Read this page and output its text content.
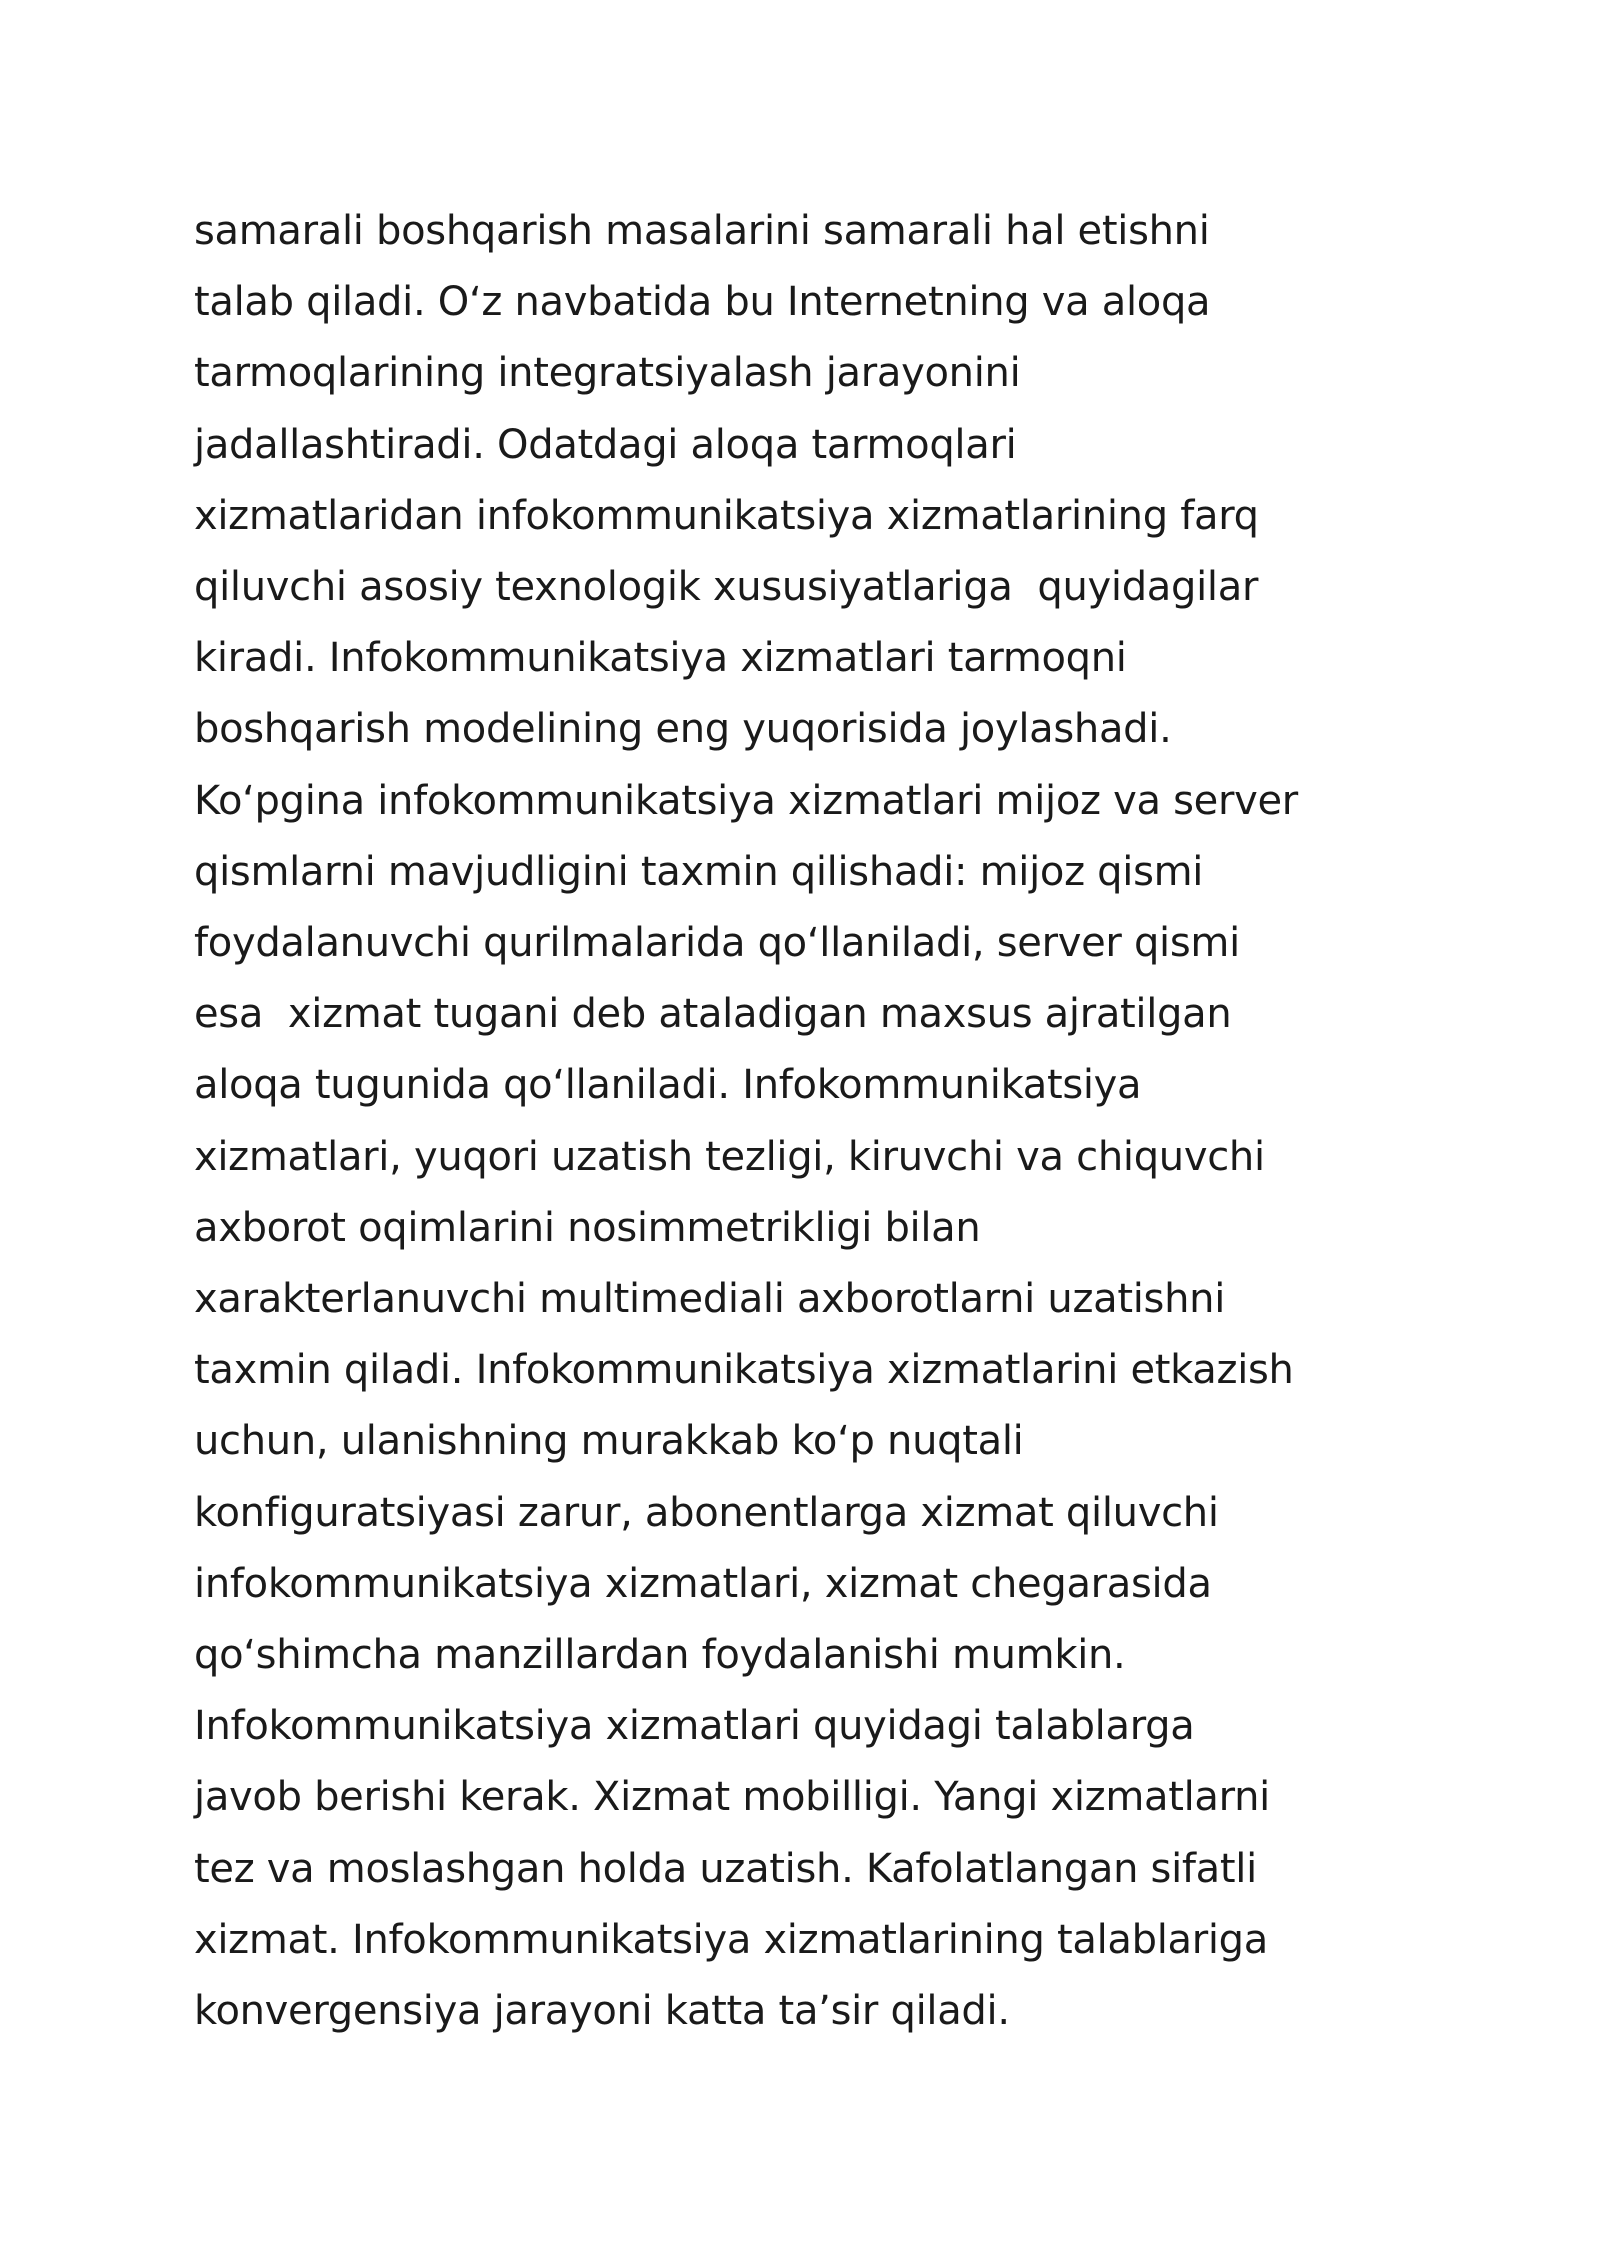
samarali boshqarish masalarini samarali hal etishni
talab qiladi. O‘z navbatida bu Internetning va aloqa
tarmoqlarining integratsiyalash jarayonini
jadallashtiradi. Odatdagi aloqa tarmoqlari
xizmatlaridan infokommunikatsiya xizmatlarining farq
qiluvchi asosiy texnologik xususiyatlariga  quyidagilar
kiradi. Infokommunikatsiya xizmatlari tarmoqni
boshqarish modelining eng yuqorisida joylashadi.
Ko‘pgina infokommunikatsiya xizmatlari mijoz va server
qismlarni mavjudligini taxmin qilishadi: mijoz qismi
foydalanuvchi qurilmalarida qo‘llaniladi, server qismi
esa  xizmat tugani deb ataladigan maxsus ajratilgan
aloqa tugunida qo‘llaniladi. Infokommunikatsiya
xizmatlari, yuqori uzatish tezligi, kiruvchi va chiquvchi
axborot oqimlarini nosimmetrikligi bilan
xarakterlanuvchi multimediali axborotlarni uzatishni
taxmin qiladi. Infokommunikatsiya xizmatlarini etkazish
uchun, ulanishning murakkab ko‘p nuqtali
konfiguratsiyasi zarur, abonentlarga xizmat qiluvchi
infokommunikatsiya xizmatlari, xizmat chegarasida
qo‘shimcha manzillardan foydalanishi mumkin.
Infokommunikatsiya xizmatlari quyidagi talablarga
javob berishi kerak. Xizmat mobilligi. Yangi xizmatlarni
tez va moslashgan holda uzatish. Kafolatlangan sifatli
xizmat. Infokommunikatsiya xizmatlarining talablariga
konvergensiya jarayoni katta ta’sir qiladi.
